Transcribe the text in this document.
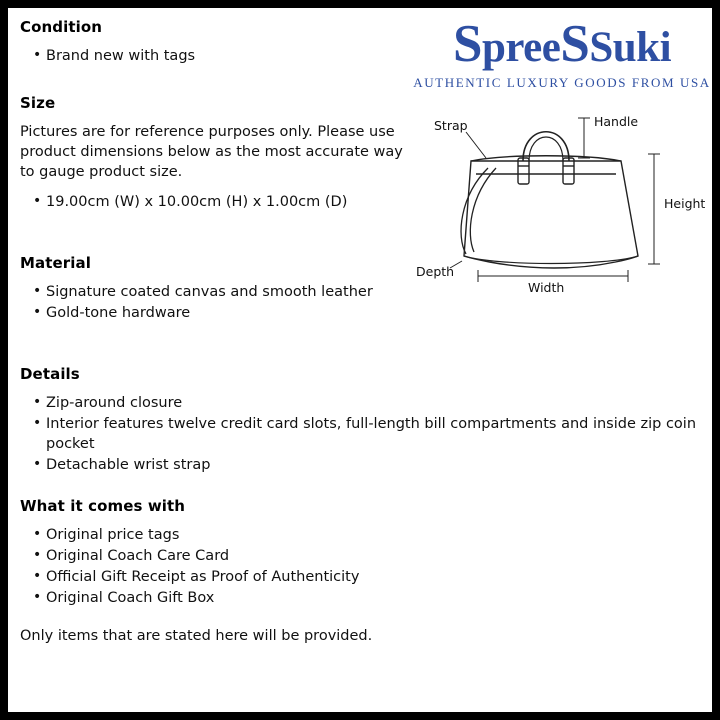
SpreeSSuki
AUTHENTIC LUXURY GOODS FROM USA
Handle
Height
Width
Depth
Strap
Condition
• Brand new with tags
Size

Pictures are for reference purposes only. Please use product dimensions below as the most accurate way to gauge product size.

• 19.00cm (W) x 10.00cm (H) x 1.00cm (D)
Material
• Signature coated canvas and smooth leather
• Gold-tone hardware
Details
• Zip-around closure
• Interior features twelve credit card slots, full-length bill compartments and inside zip coin pocket
• Detachable wrist strap
What it comes with
• Original price tags
• Original Coach Care Card
• Official Gift Receipt as Proof of Authenticity
• Original Coach Gift Box

Only items that are stated here will be provided.
